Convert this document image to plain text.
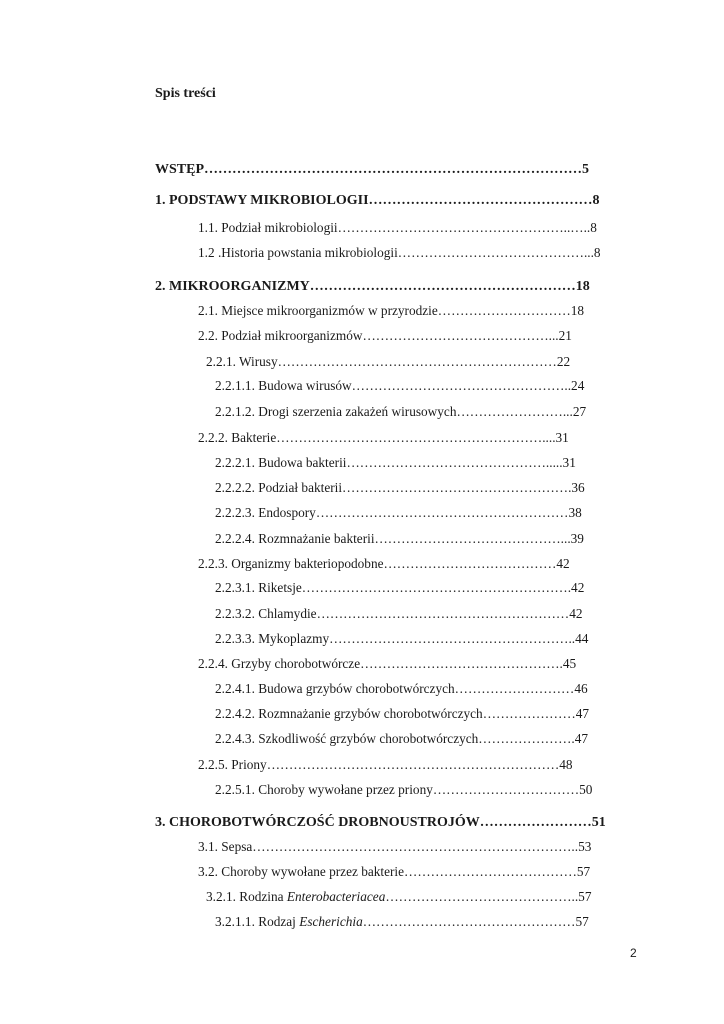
Spis treści
WSTĘP………………………………………………………………………5
1. PODSTAWY MIKROBIOLOGII…………………………………………8
1.1. Podział mikrobiologii……………………………………………..…..8
1.2 .Historia powstania mikrobiologii……………………………………...8
2. MIKROORGANIZMY…………………………………………………18
2.1. Miejsce mikroorganizmów w przyrodzie…………………………18
2.2. Podział mikroorganizmów……………………………………...21
2.2.1. Wirusy………………………………………………………22
2.2.1.1. Budowa wirusów…………………………………………..24
2.2.1.2. Drogi szerzenia zakażeń wirusowych……………………...27
2.2.2. Bakterie……………………………………………………....31
2.2.2.1. Budowa bakterii……………………………………….....31
2.2.2.2. Podział bakterii…………………………………………….36
2.2.2.3. Endospory…………………………………………………38
2.2.2.4. Rozmnażanie bakterii……………………………………...39
2.2.3. Organizmy bakteriopodobne…………………………………42
2.2.3.1. Riketsje…………………………………………………….42
2.2.3.2. Chlamydie…………………………………………………42
2.2.3.3. Mykoplazmy………………………………………………..44
2.2.4. Grzyby chorobotwórcze……………………………………….45
2.2.4.1. Budowa grzybów chorobotwórczych………………………46
2.2.4.2. Rozmnażanie grzybów chorobotwórczych…………………47
2.2.4.3. Szkodliwość grzybów chorobotwórczych………………….47
2.2.5. Priony…………………………………………………………48
2.2.5.1. Choroby wywołane przez priony……………………………50
3. CHOROBOTWÓRCZOŚĆ DROBNOUSTROJÓW……………………51
3.1. Sepsa………………………………………………………………..53
3.2. Choroby wywołane przez bakterie…………………………………57
3.2.1. Rodzina Enterobacteriacea……………………………………..57
3.2.1.1. Rodzaj Escherichia…………………………………………57
2
